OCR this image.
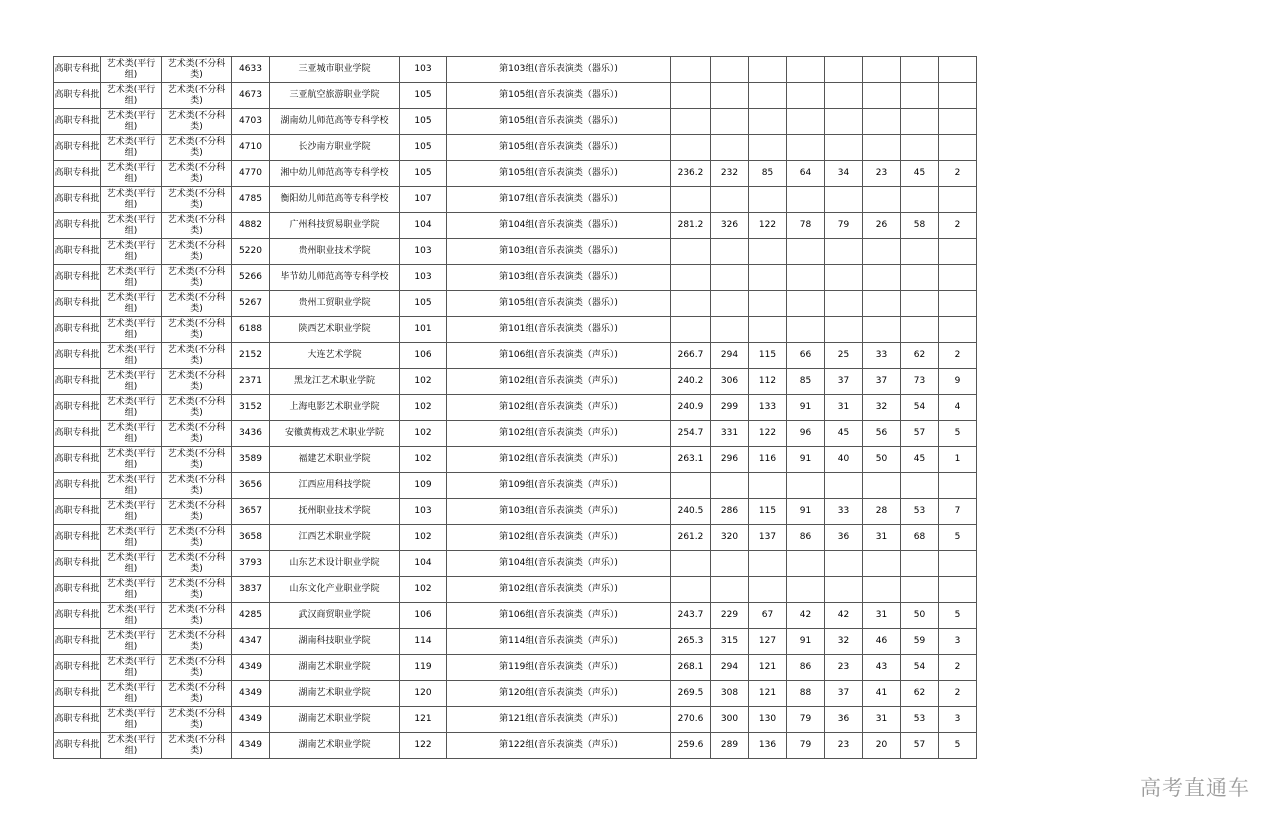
高职专科批	艺术类(平行组)	艺术类(不分科类)	4633	三亚城市职业学院	103	第103组(音乐表演类（器乐）)								
高职专科批	艺术类(平行组)	艺术类(不分科类)	4673	三亚航空旅游职业学院	105	第105组(音乐表演类（器乐）)								
高职专科批	艺术类(平行组)	艺术类(不分科类)	4703	湖南幼儿师范高等专科学校	105	第105组(音乐表演类（器乐）)								
高职专科批	艺术类(平行组)	艺术类(不分科类)	4710	长沙南方职业学院	105	第105组(音乐表演类（器乐）)								
高职专科批	艺术类(平行组)	艺术类(不分科类)	4770	湘中幼儿师范高等专科学校	105	第105组(音乐表演类（器乐）)	236.2	232	85	64	34	23	45	2
高职专科批	艺术类(平行组)	艺术类(不分科类)	4785	衡阳幼儿师范高等专科学校	107	第107组(音乐表演类（器乐）)								
高职专科批	艺术类(平行组)	艺术类(不分科类)	4882	广州科技贸易职业学院	104	第104组(音乐表演类（器乐）)	281.2	326	122	78	79	26	58	2
高职专科批	艺术类(平行组)	艺术类(不分科类)	5220	贵州职业技术学院	103	第103组(音乐表演类（器乐）)								
高职专科批	艺术类(平行组)	艺术类(不分科类)	5266	毕节幼儿师范高等专科学校	103	第103组(音乐表演类（器乐）)								
高职专科批	艺术类(平行组)	艺术类(不分科类)	5267	贵州工贸职业学院	105	第105组(音乐表演类（器乐）)								
高职专科批	艺术类(平行组)	艺术类(不分科类)	6188	陕西艺术职业学院	101	第101组(音乐表演类（器乐）)								
高职专科批	艺术类(平行组)	艺术类(不分科类)	2152	大连艺术学院	106	第106组(音乐表演类（声乐）)	266.7	294	115	66	25	33	62	2
高职专科批	艺术类(平行组)	艺术类(不分科类)	2371	黑龙江艺术职业学院	102	第102组(音乐表演类（声乐）)	240.2	306	112	85	37	37	73	9
高职专科批	艺术类(平行组)	艺术类(不分科类)	3152	上海电影艺术职业学院	102	第102组(音乐表演类（声乐）)	240.9	299	133	91	31	32	54	4
高职专科批	艺术类(平行组)	艺术类(不分科类)	3436	安徽黄梅戏艺术职业学院	102	第102组(音乐表演类（声乐）)	254.7	331	122	96	45	56	57	5
高职专科批	艺术类(平行组)	艺术类(不分科类)	3589	福建艺术职业学院	102	第102组(音乐表演类（声乐）)	263.1	296	116	91	40	50	45	1
高职专科批	艺术类(平行组)	艺术类(不分科类)	3656	江西应用科技学院	109	第109组(音乐表演类（声乐）)								
高职专科批	艺术类(平行组)	艺术类(不分科类)	3657	抚州职业技术学院	103	第103组(音乐表演类（声乐）)	240.5	286	115	91	33	28	53	7
高职专科批	艺术类(平行组)	艺术类(不分科类)	3658	江西艺术职业学院	102	第102组(音乐表演类（声乐）)	261.2	320	137	86	36	31	68	5
高职专科批	艺术类(平行组)	艺术类(不分科类)	3793	山东艺术设计职业学院	104	第104组(音乐表演类（声乐）)								
高职专科批	艺术类(平行组)	艺术类(不分科类)	3837	山东文化产业职业学院	102	第102组(音乐表演类（声乐）)								
高职专科批	艺术类(平行组)	艺术类(不分科类)	4285	武汉商贸职业学院	106	第106组(音乐表演类（声乐）)	243.7	229	67	42	42	31	50	5
高职专科批	艺术类(平行组)	艺术类(不分科类)	4347	湖南科技职业学院	114	第114组(音乐表演类（声乐）)	265.3	315	127	91	32	46	59	3
高职专科批	艺术类(平行组)	艺术类(不分科类)	4349	湖南艺术职业学院	119	第119组(音乐表演类（声乐）)	268.1	294	121	86	23	43	54	2
高职专科批	艺术类(平行组)	艺术类(不分科类)	4349	湖南艺术职业学院	120	第120组(音乐表演类（声乐）)	269.5	308	121	88	37	41	62	2
高职专科批	艺术类(平行组)	艺术类(不分科类)	4349	湖南艺术职业学院	121	第121组(音乐表演类（声乐）)	270.6	300	130	79	36	31	53	3
高职专科批	艺术类(平行组)	艺术类(不分科类)	4349	湖南艺术职业学院	122	第122组(音乐表演类（声乐）)	259.6	289	136	79	23	20	57	5
高考直通车
